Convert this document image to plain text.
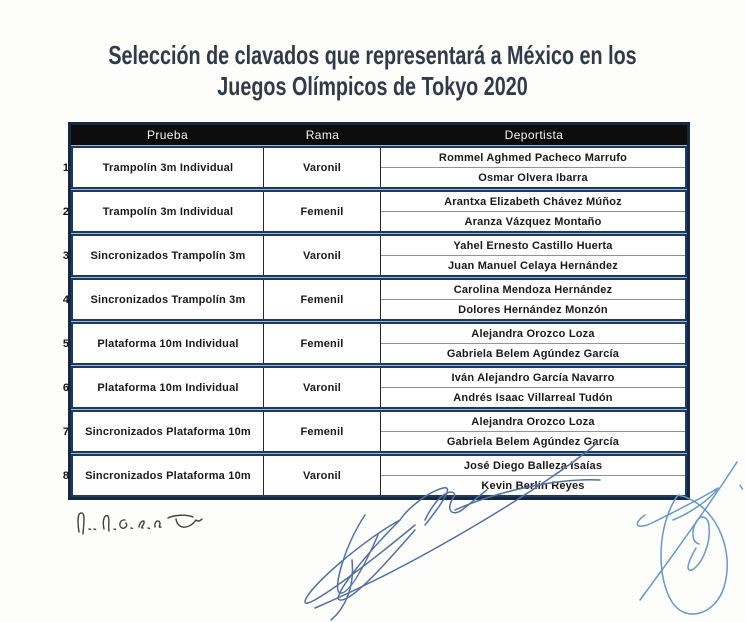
Selección de clavados que representará a México en los
Juegos Olímpicos de Tokyo 2020
Prueba	Rama	Deportista
1	Trampolín 3m Individual	Varonil
Rommel Aghmed Pacheco Marrufo
Osmar Olvera Ibarra
2	Trampolín 3m Individual	Femenil
Arantxa Elizabeth Chávez Múñoz
Aranza Vázquez Montaño
3	Sincronizados Trampolín 3m	Varonil
Yahel Ernesto Castillo Huerta
Juan Manuel Celaya Hernández
4	Sincronizados Trampolín 3m	Femenil
Carolina Mendoza Hernández
Dolores Hernández Monzón
5	Plataforma 10m Individual	Femenil
Alejandra Orozco Loza
Gabriela Belem Agúndez García
6	Plataforma 10m Individual	Varonil
Iván Alejandro García Navarro
Andrés Isaac Villarreal Tudón
7	Sincronizados Plataforma 10m	Femenil
Alejandra Orozco Loza
Gabriela Belem Agúndez García
8	Sincronizados Plataforma 10m	Varonil
José Diego Balleza Isaías
Kevin Berlín Reyes
